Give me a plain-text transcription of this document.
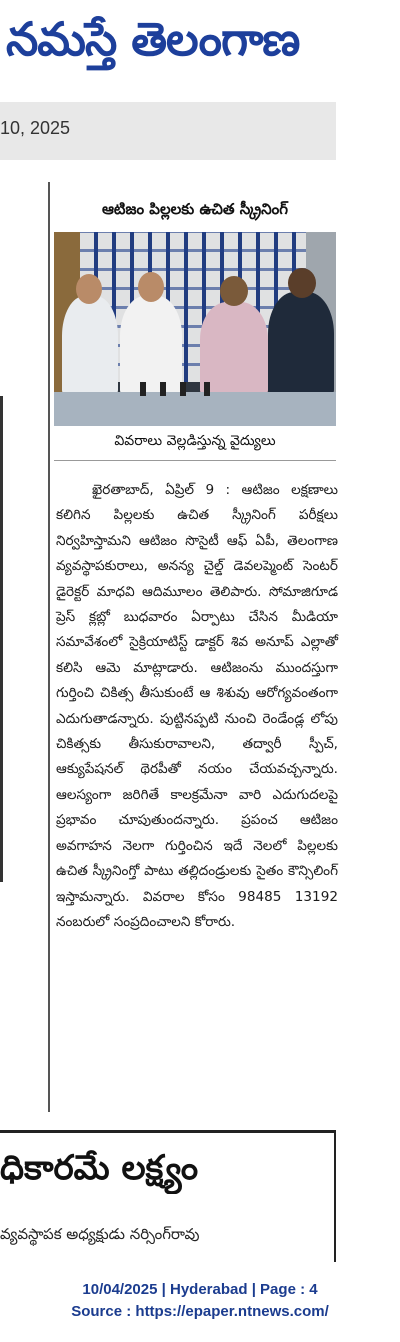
నమస్తే తెలంగాణ
10, 2025
ఆటిజం పిల్లలకు ఉచిత స్క్రీనింగ్
వివరాలు వెల్లడిస్తున్న వైద్యులు

ఖైరతాబాద్, ఏప్రిల్ 9 : ఆటిజం లక్షణాలు కలిగిన పిల్లలకు ఉచిత స్క్రీనింగ్ పరీక్షలు నిర్వహిస్తామని ఆటిజం సొసైటీ ఆఫ్ ఏపీ, తెలంగాణ వ్యవస్థాపకురాలు, అనన్య చైల్డ్ డెవలప్మెంట్ సెంటర్ డైరెక్టర్ మాధవి ఆదిమూలం తెలిపారు. సోమాజిగూడ ప్రెస్ క్లబ్లో బుధవారం ఏర్పాటు చేసిన మీడియా సమావేశంలో సైక్రియాటిస్ట్ డాక్టర్ శివ అనూప్ ఎల్లాతో కలిసి ఆమె మాట్లాడారు. ఆటిజంను ముందస్తుగా గుర్తించి చికిత్స తీసుకుంటే ఆ శిశువు ఆరోగ్యవంతంగా ఎదుగుతాడన్నారు. పుట్టినప్పటి నుంచి రెండేండ్ల లోపు చికిత్సకు తీసుకురావాలని, తద్వారీ స్పీచ్, ఆక్యుపేషనల్ థెరపీతో నయం చేయవచ్చన్నారు. ఆలస్యంగా జరిగితే కాలక్రమేనా వారి ఎదుగుదలపై ప్రభావం చూపుతుందన్నారు. ప్రపంచ ఆటిజం అవగాహన నెలగా గుర్తించిన ఇదే నెలలో పిల్లలకు ఉచిత స్క్రీనింగ్తో పాటు తల్లిదండ్రులకు సైతం కౌన్సిలింగ్ ఇస్తామన్నారు. వివరాల కోసం 98485 13192 నంబరులో సంప్రదించాలని కోరారు.

ధికారమే లక్ష్యం
వ్యవస్థాపక అధ్యక్షుడు నర్సింగ్‌రావు
10/04/2025 | Hyderabad | Page : 4
Source : https://epaper.ntnews.com/
